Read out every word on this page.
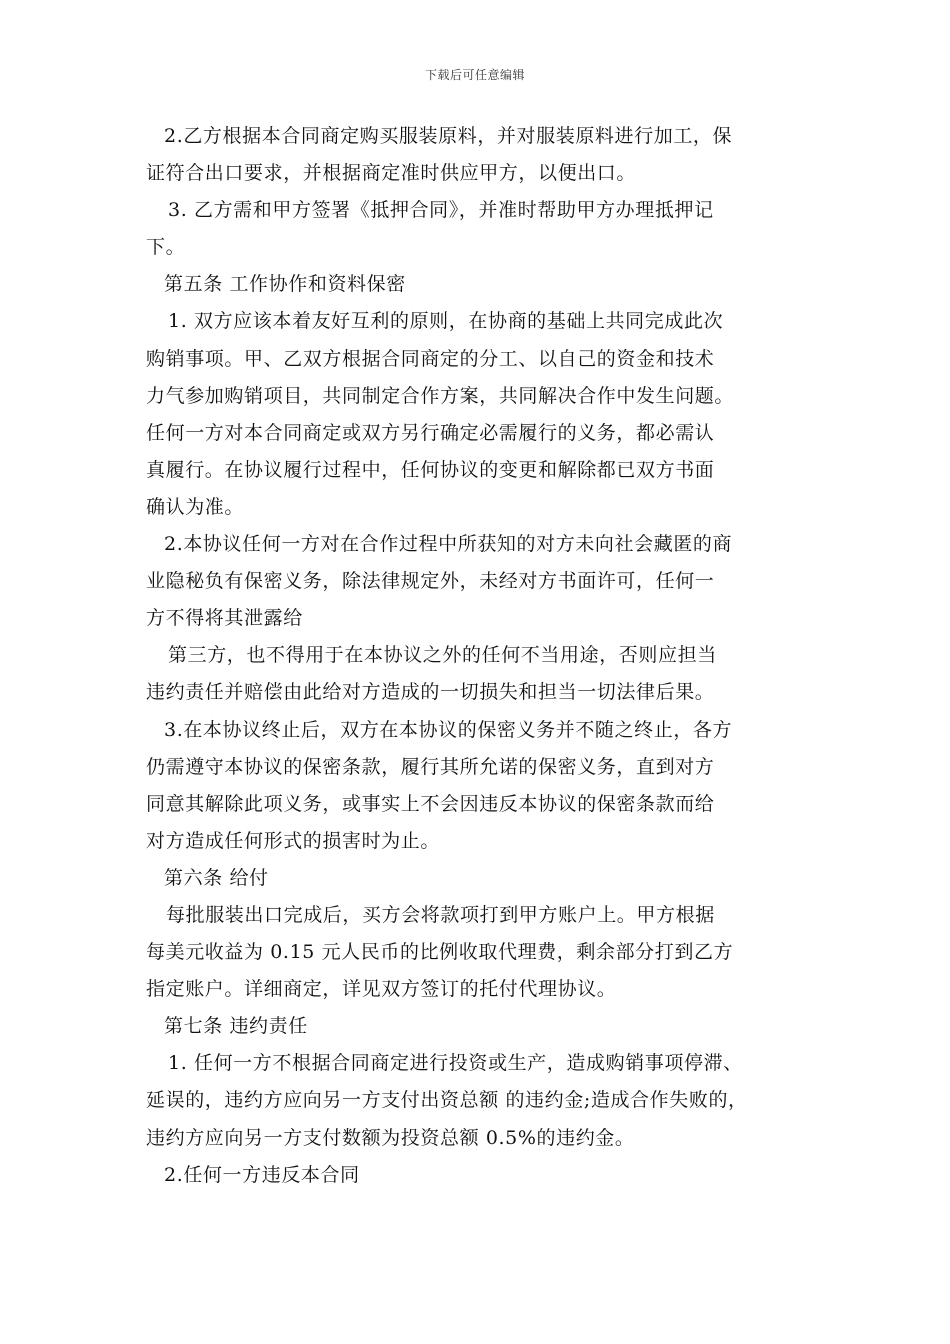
下载后可任意编辑
2.乙方根据本合同商定购买服装原料，并对服装原料进行加工，保
证符合出口要求，并根据商定准时供应甲方，以便出口。
3. 乙方需和甲方签署《抵押合同》，并准时帮助甲方办理抵押记
下。
第五条 工作协作和资料保密
1. 双方应该本着友好互利的原则，在协商的基础上共同完成此次
购销事项。甲、乙双方根据合同商定的分工、以自己的资金和技术
力气参加购销项目，共同制定合作方案，共同解决合作中发生问题。
任何一方对本合同商定或双方另行确定必需履行的义务，都必需认
真履行。在协议履行过程中，任何协议的变更和解除都已双方书面
确认为准。
2.本协议任何一方对在合作过程中所获知的对方未向社会藏匿的商
业隐秘负有保密义务，除法律规定外，未经对方书面许可，任何一
方不得将其泄露给
第三方，也不得用于在本协议之外的任何不当用途，否则应担当
违约责任并赔偿由此给对方造成的一切损失和担当一切法律后果。
3.在本协议终止后，双方在本协议的保密义务并不随之终止，各方
仍需遵守本协议的保密条款，履行其所允诺的保密义务，直到对方
同意其解除此项义务，或事实上不会因违反本协议的保密条款而给
对方造成任何形式的损害时为止。
第六条 给付
每批服装出口完成后，买方会将款项打到甲方账户上。甲方根据
每美元收益为 0.15 元人民币的比例收取代理费，剩余部分打到乙方
指定账户。详细商定，详见双方签订的托付代理协议。
第七条 违约责任
1. 任何一方不根据合同商定进行投资或生产，造成购销事项停滞、
延误的，违约方应向另一方支付出资总额 的违约金;造成合作失败的，
违约方应向另一方支付数额为投资总额 0.5%的违约金。
2.任何一方违反本合同
